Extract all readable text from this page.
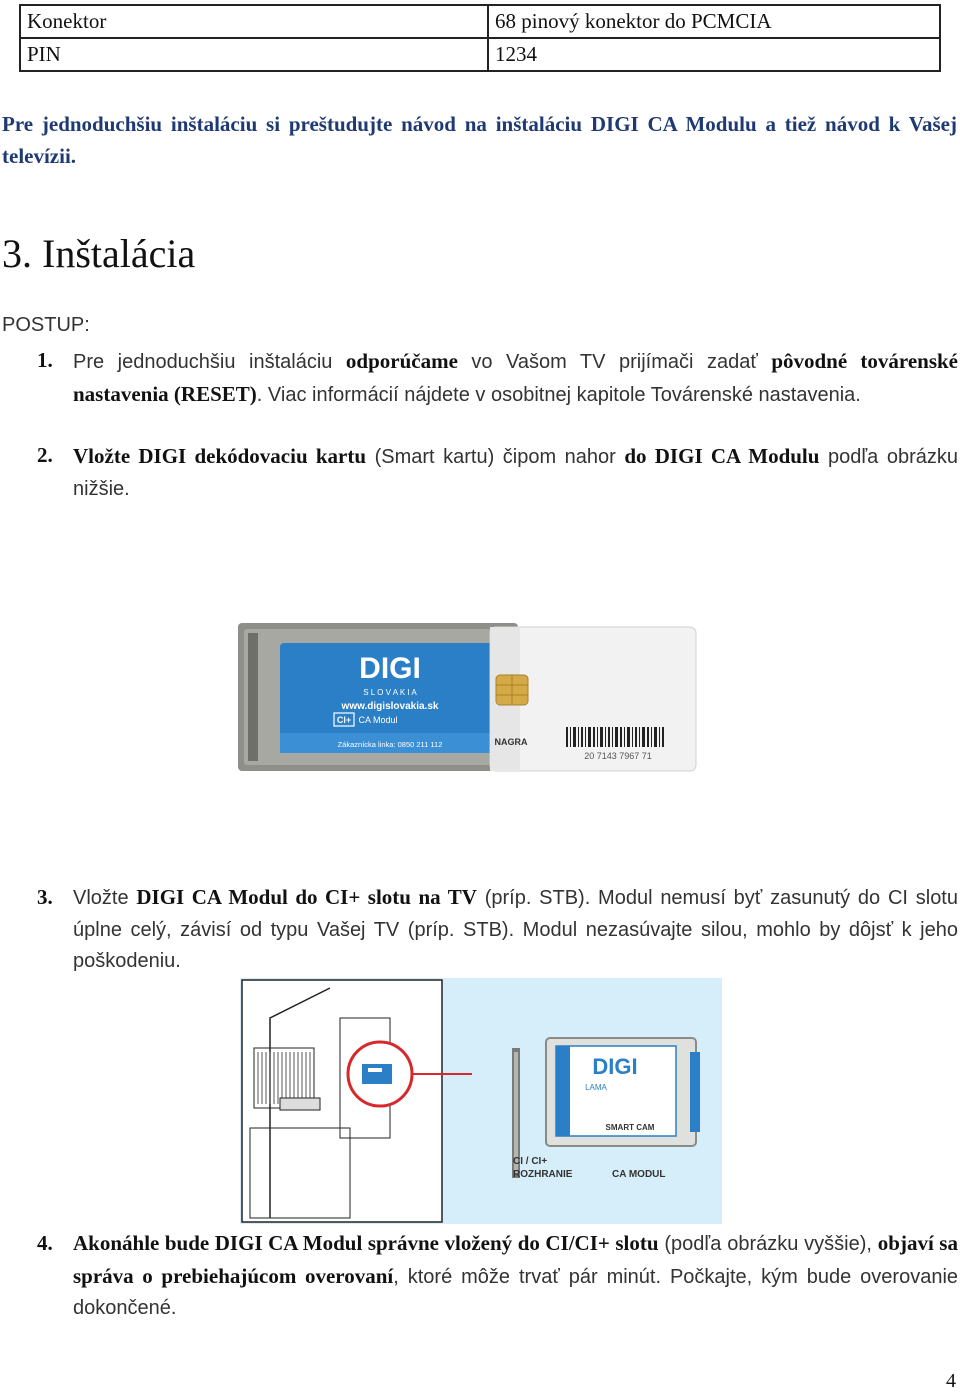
Konektor	68 pinový konektor do PCMCIA
PIN	1234
Pre jednoduchšiu inštaláciu si preštudujte návod na inštaláciu DIGI CA Modulu a tiež návod k Vašej televízii.
3. Inštalácia
POSTUP:
1. Pre jednoduchšiu inštaláciu odporúčame vo Vašom TV prijímači zadať pôvodné továrenské nastavenia (RESET). Viac informácií nájdete v osobitnej kapitole Továrenské nastavenia.
2. Vložte DIGI dekódovaciu kartu (Smart kartu) čipom nahor do DIGI CA Modulu podľa obrázku nižšie.
DIGI
S L O V A K I A
www.digislovakia.sk
CI+ CA Modul
Zákaznícka linka: 0850 211 112	NAGRA
20 7143 7967 71
3. Vložte DIGI CA Modul do CI+ slotu na TV (príp. STB). Modul nemusí byť zasunutý do CI slotu úplne celý, závisí od typu Vašej TV (príp. STB). Modul nezasúvajte silou, mohlo by dôjsť k jeho poškodeniu.
DIGI
LAMA
SMART CAM
CI / CI+
ROZHRANIE	CA MODUL
4. Akonáhle bude DIGI CA Modul správne vložený do CI/CI+ slotu (podľa obrázku vyššie), objaví sa správa o prebiehajúcom overovaní, ktoré môže trvať pár minút. Počkajte, kým bude overovanie dokončené.
4
